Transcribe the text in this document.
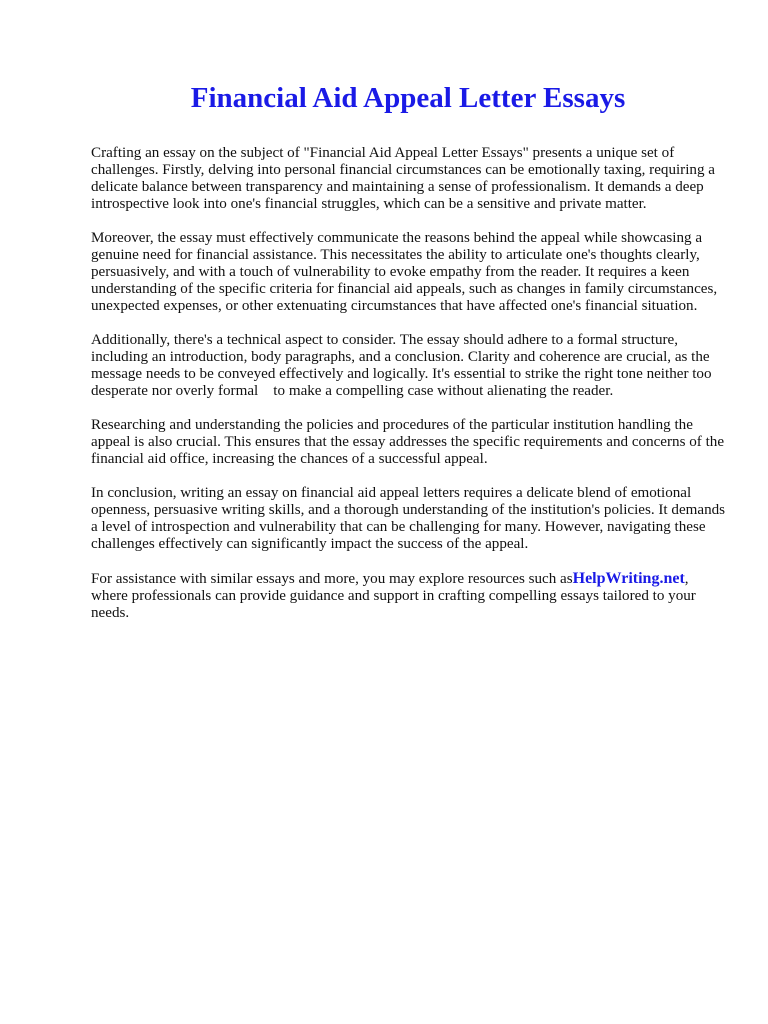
Financial Aid Appeal Letter Essays

Crafting an essay on the subject of "Financial Aid Appeal Letter Essays" presents a unique set of challenges. Firstly, delving into personal financial circumstances can be emotionally taxing, requiring a delicate balance between transparency and maintaining a sense of professionalism. It demands a deep introspective look into one's financial struggles, which can be a sensitive and private matter.

Moreover, the essay must effectively communicate the reasons behind the appeal while showcasing a genuine need for financial assistance. This necessitates the ability to articulate one's thoughts clearly, persuasively, and with a touch of vulnerability to evoke empathy from the reader. It requires a keen understanding of the specific criteria for financial aid appeals, such as changes in family circumstances, unexpected expenses, or other extenuating circumstances that have affected one's financial situation.

Additionally, there's a technical aspect to consider. The essay should adhere to a formal structure, including an introduction, body paragraphs, and a conclusion. Clarity and coherence are crucial, as the message needs to be conveyed effectively and logically. It's essential to strike the right tone neither too desperate nor overly formal    to make a compelling case without alienating the reader.

Researching and understanding the policies and procedures of the particular institution handling the appeal is also crucial. This ensures that the essay addresses the specific requirements and concerns of the financial aid office, increasing the chances of a successful appeal.

In conclusion, writing an essay on financial aid appeal letters requires a delicate blend of emotional openness, persuasive writing skills, and a thorough understanding of the institution's policies. It demands a level of introspection and vulnerability that can be challenging for many. However, navigating these challenges effectively can significantly impact the success of the appeal.

For assistance with similar essays and more, you may explore resources such asHelpWriting.net, where professionals can provide guidance and support in crafting compelling essays tailored to your needs.
